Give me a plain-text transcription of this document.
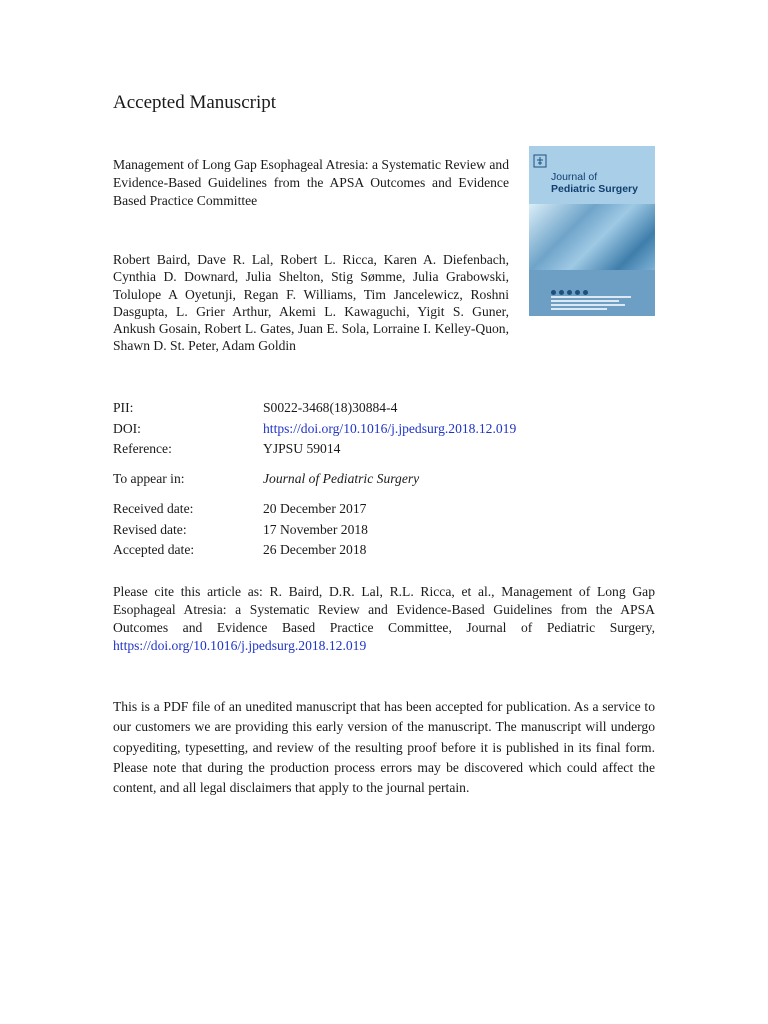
Accepted Manuscript
Management of Long Gap Esophageal Atresia: a Systematic Review and Evidence-Based Guidelines from the APSA Outcomes and Evidence Based Practice Committee
Robert Baird, Dave R. Lal, Robert L. Ricca, Karen A. Diefenbach, Cynthia D. Downard, Julia Shelton, Stig Sømme, Julia Grabowski, Tolulope A Oyetunji, Regan F. Williams, Tim Jancelewicz, Roshni Dasgupta, L. Grier Arthur, Akemi L. Kawaguchi, Yigit S. Guner, Ankush Gosain, Robert L. Gates, Juan E. Sola, Lorraine I. Kelley-Quon, Shawn D. St. Peter, Adam Goldin
Journal of
Pediatric Surgery
PII:	S0022-3468(18)30884-4
DOI:	https://doi.org/10.1016/j.jpedsurg.2018.12.019
Reference:	YJPSU 59014
To appear in:	Journal of Pediatric Surgery
Received date:	20 December 2017
Revised date:	17 November 2018
Accepted date:	26 December 2018
Please cite this article as: R. Baird, D.R. Lal, R.L. Ricca, et al., Management of Long Gap Esophageal Atresia: a Systematic Review and Evidence-Based Guidelines from the APSA Outcomes and Evidence Based Practice Committee, Journal of Pediatric Surgery, https://doi.org/10.1016/j.jpedsurg.2018.12.019
This is a PDF file of an unedited manuscript that has been accepted for publication. As a service to our customers we are providing this early version of the manuscript. The manuscript will undergo copyediting, typesetting, and review of the resulting proof before it is published in its final form. Please note that during the production process errors may be discovered which could affect the content, and all legal disclaimers that apply to the journal pertain.
